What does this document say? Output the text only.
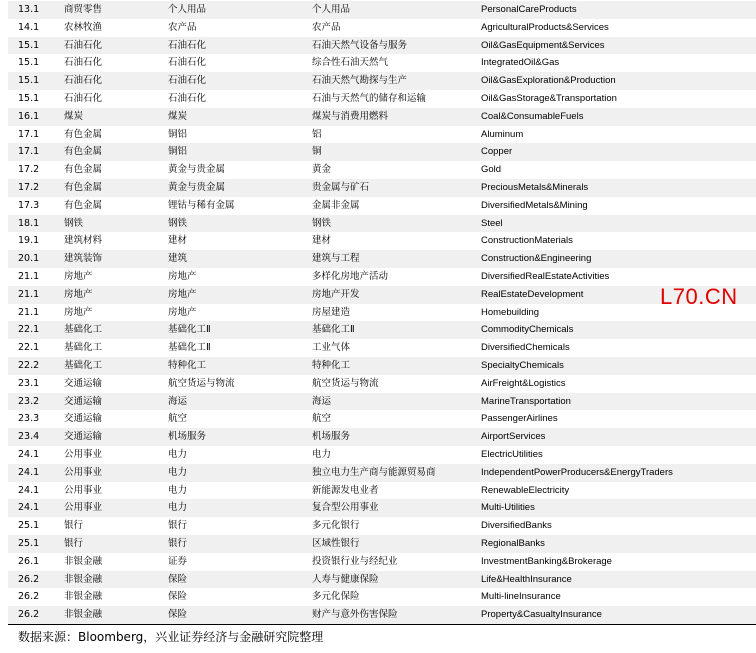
13.1	商贸零售	个人用品	个人用品	PersonalCareProducts
14.1	农林牧渔	农产品	农产品	AgriculturalProducts&Services
15.1	石油石化	石油石化	石油天然气设备与服务	Oil&GasEquipment&Services
15.1	石油石化	石油石化	综合性石油天然气	IntegratedOil&Gas
15.1	石油石化	石油石化	石油天然气勘探与生产	Oil&GasExploration&Production
15.1	石油石化	石油石化	石油与天然气的储存和运输	Oil&GasStorage&Transportation
16.1	煤炭	煤炭	煤炭与消费用燃料	Coal&ConsumableFuels
17.1	有色金属	铜铝	铝	Aluminum
17.1	有色金属	铜铝	铜	Copper
17.2	有色金属	黄金与贵金属	黄金	Gold
17.2	有色金属	黄金与贵金属	贵金属与矿石	PreciousMetals&Minerals
17.3	有色金属	锂钴与稀有金属	金属非金属	DiversifiedMetals&Mining
18.1	钢铁	钢铁	钢铁	Steel
19.1	建筑材料	建材	建材	ConstructionMaterials
20.1	建筑装饰	建筑	建筑与工程	Construction&Engineering
21.1	房地产	房地产	多样化房地产活动	DiversifiedRealEstateActivities
21.1	房地产	房地产	房地产开发	RealEstateDevelopment
21.1	房地产	房地产	房屋建造	Homebuilding
22.1	基础化工	基础化工Ⅱ	基础化工Ⅱ	CommodityChemicals
22.1	基础化工	基础化工Ⅱ	工业气体	DiversifiedChemicals
22.2	基础化工	特种化工	特种化工	SpecialtyChemicals
23.1	交通运输	航空货运与物流	航空货运与物流	AirFreight&Logistics
23.2	交通运输	海运	海运	MarineTransportation
23.3	交通运输	航空	航空	PassengerAirlines
23.4	交通运输	机场服务	机场服务	AirportServices
24.1	公用事业	电力	电力	ElectricUtilities
24.1	公用事业	电力	独立电力生产商与能源贸易商	IndependentPowerProducers&EnergyTraders
24.1	公用事业	电力	新能源发电业者	RenewableElectricity
24.1	公用事业	电力	复合型公用事业	Multi-Utilities
25.1	银行	银行	多元化银行	DiversifiedBanks
25.1	银行	银行	区域性银行	RegionalBanks
26.1	非银金融	证券	投资银行业与经纪业	InvestmentBanking&Brokerage
26.2	非银金融	保险	人寿与健康保险	Life&HealthInsurance
26.2	非银金融	保险	多元化保险	Multi-lineInsurance
26.2	非银金融	保险	财产与意外伤害保险	Property&CasualtyInsurance
数据来源：Bloomberg，兴业证券经济与金融研究院整理
L70.CN
